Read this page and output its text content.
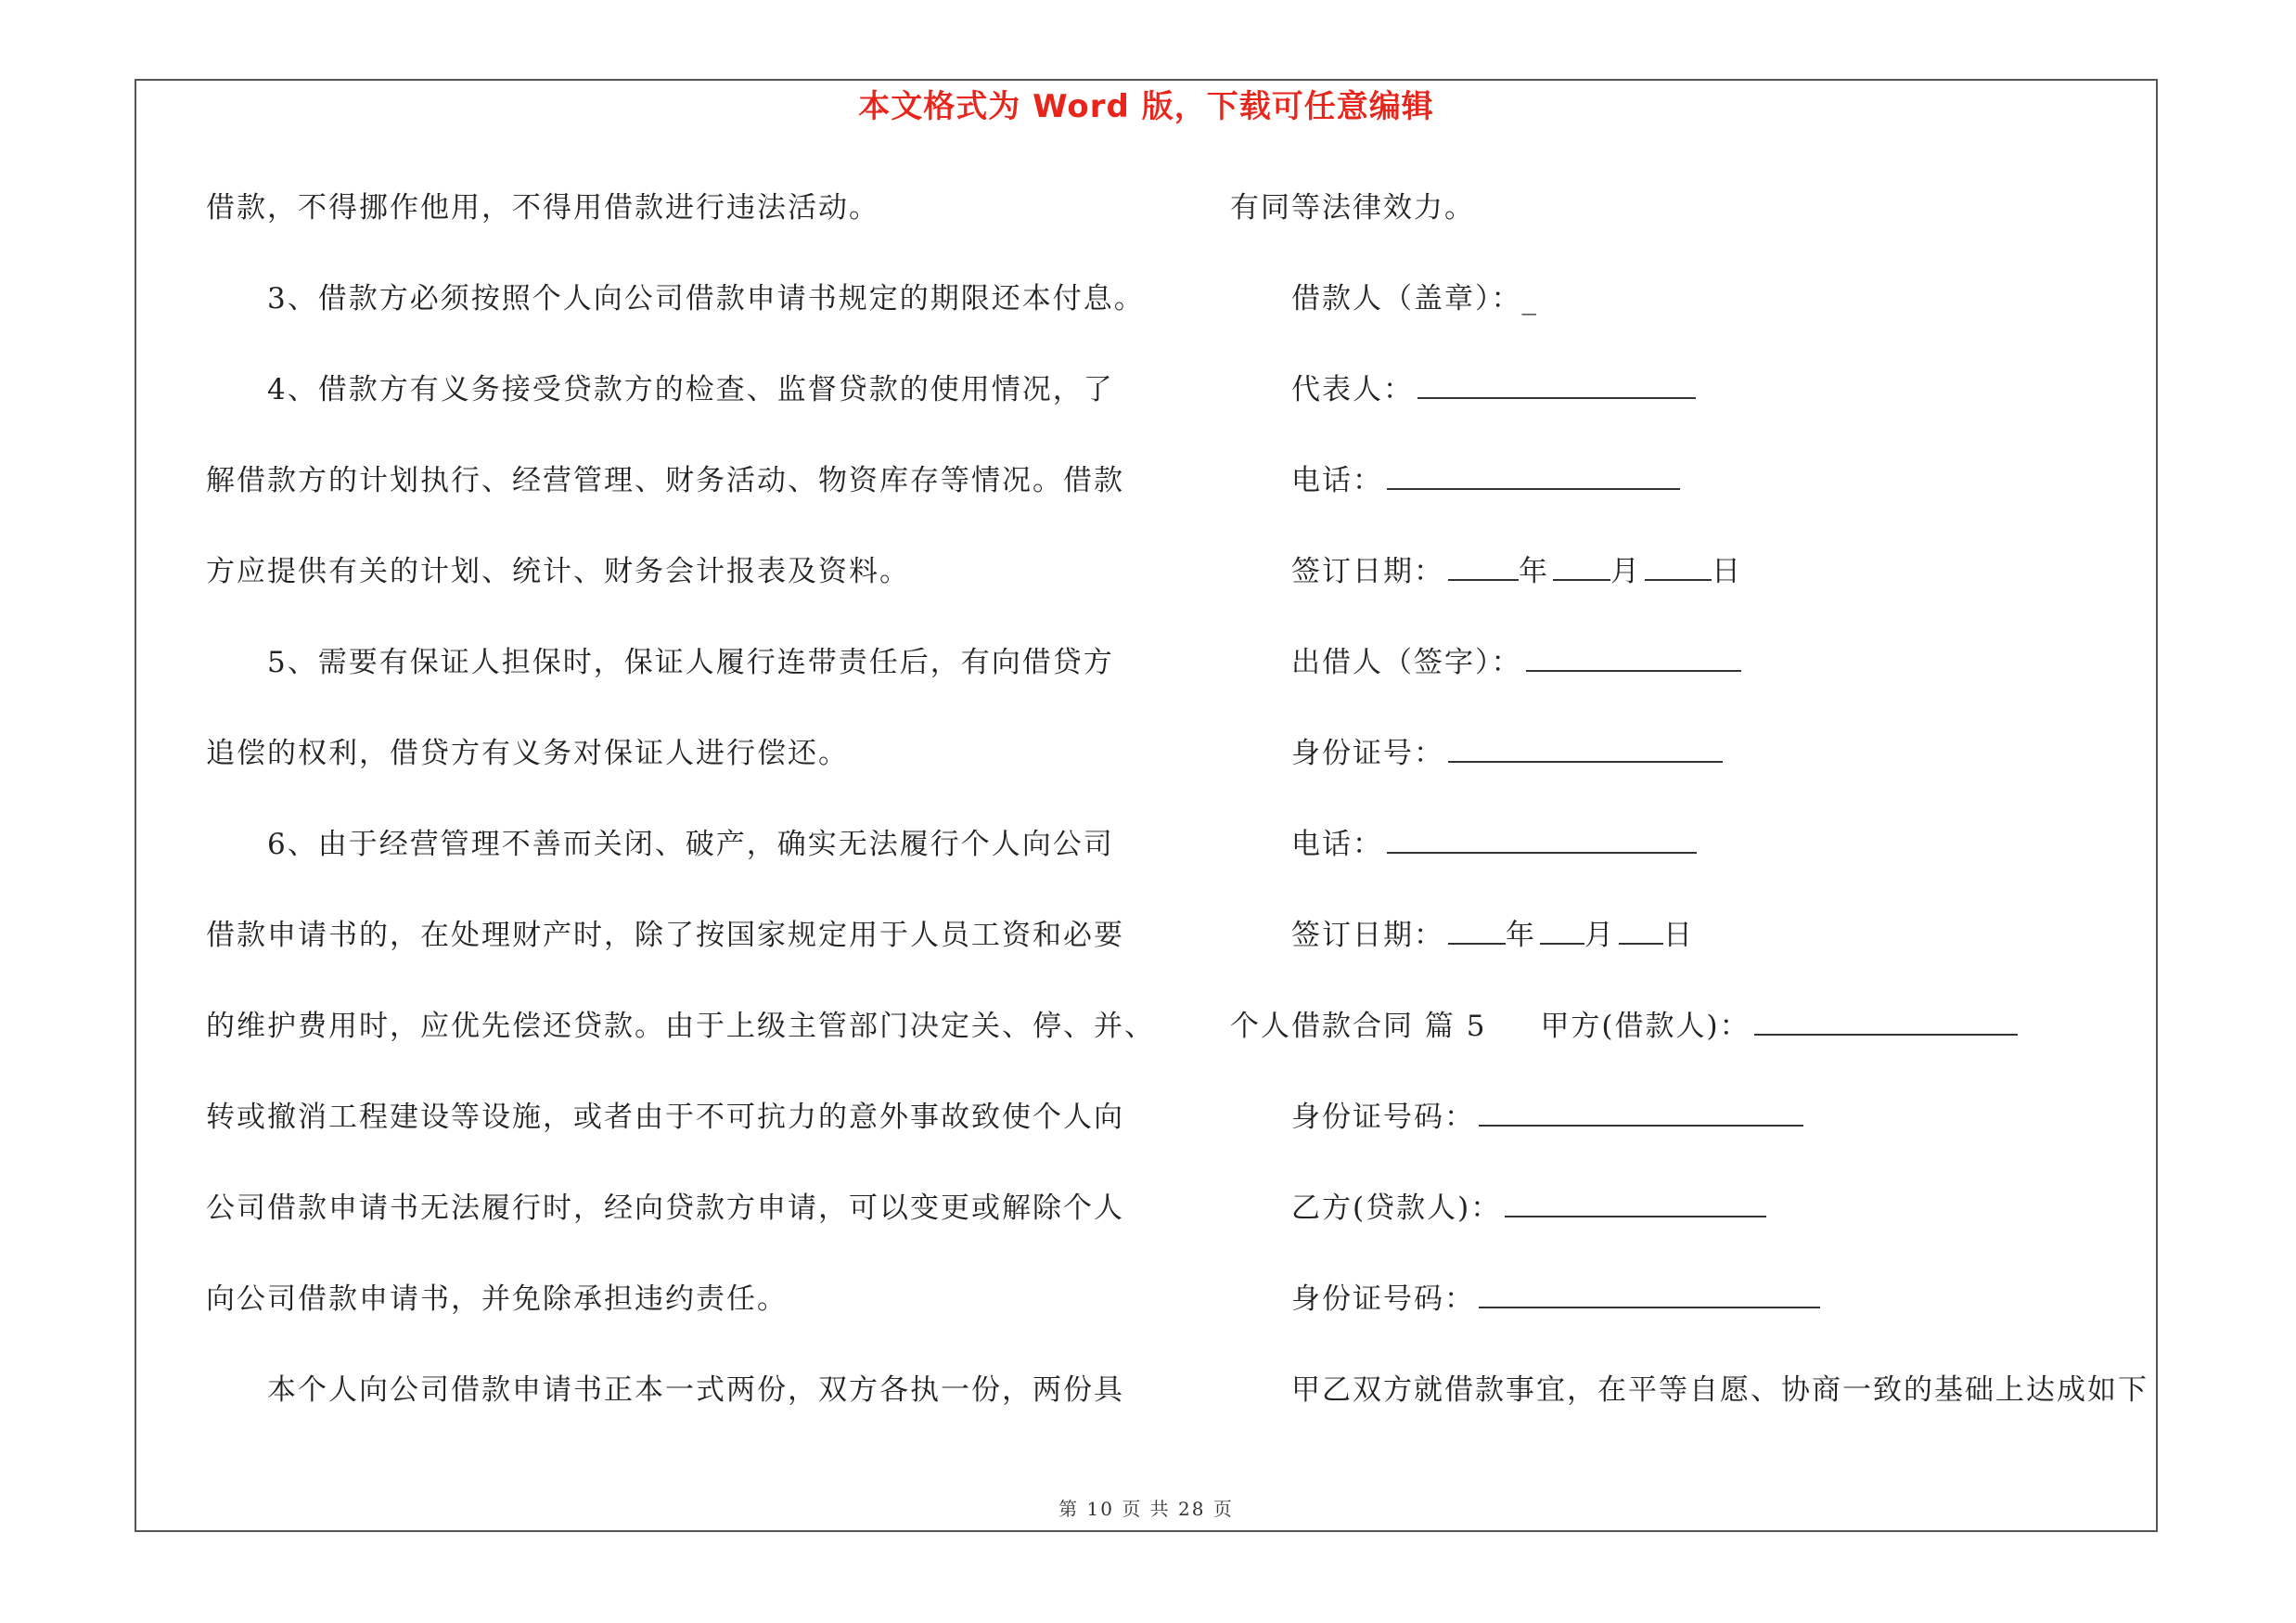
本文格式为 Word 版，下载可任意编辑
借款，不得挪作他用，不得用借款进行违法活动。
3、借款方必须按照个人向公司借款申请书规定的期限还本付息。
4、借款方有义务接受贷款方的检查、监督贷款的使用情况，了
解借款方的计划执行、经营管理、财务活动、物资库存等情况。借款
方应提供有关的计划、统计、财务会计报表及资料。
5、需要有保证人担保时，保证人履行连带责任后，有向借贷方
追偿的权利，借贷方有义务对保证人进行偿还。
6、由于经营管理不善而关闭、破产，确实无法履行个人向公司
借款申请书的，在处理财产时，除了按国家规定用于人员工资和必要
的维护费用时，应优先偿还贷款。由于上级主管部门决定关、停、并、
转或撤消工程建设等设施，或者由于不可抗力的意外事故致使个人向
公司借款申请书无法履行时，经向贷款方申请，可以变更或解除个人
向公司借款申请书，并免除承担违约责任。
本个人向公司借款申请书正本一式两份，双方各执一份，两份具
有同等法律效力。
借款人（盖章）：_
代表人：
电话：
签订日期：	年 月 日
出借人（签字）：
身份证号：
电话：
签订日期： 年 月 日
个人借款合同 篇 5 甲方(借款人)：
身份证号码：
乙方(贷款人)：
身份证号码：
甲乙双方就借款事宜，在平等自愿、协商一致的基础上达成如下
第 10 页 共 28 页
